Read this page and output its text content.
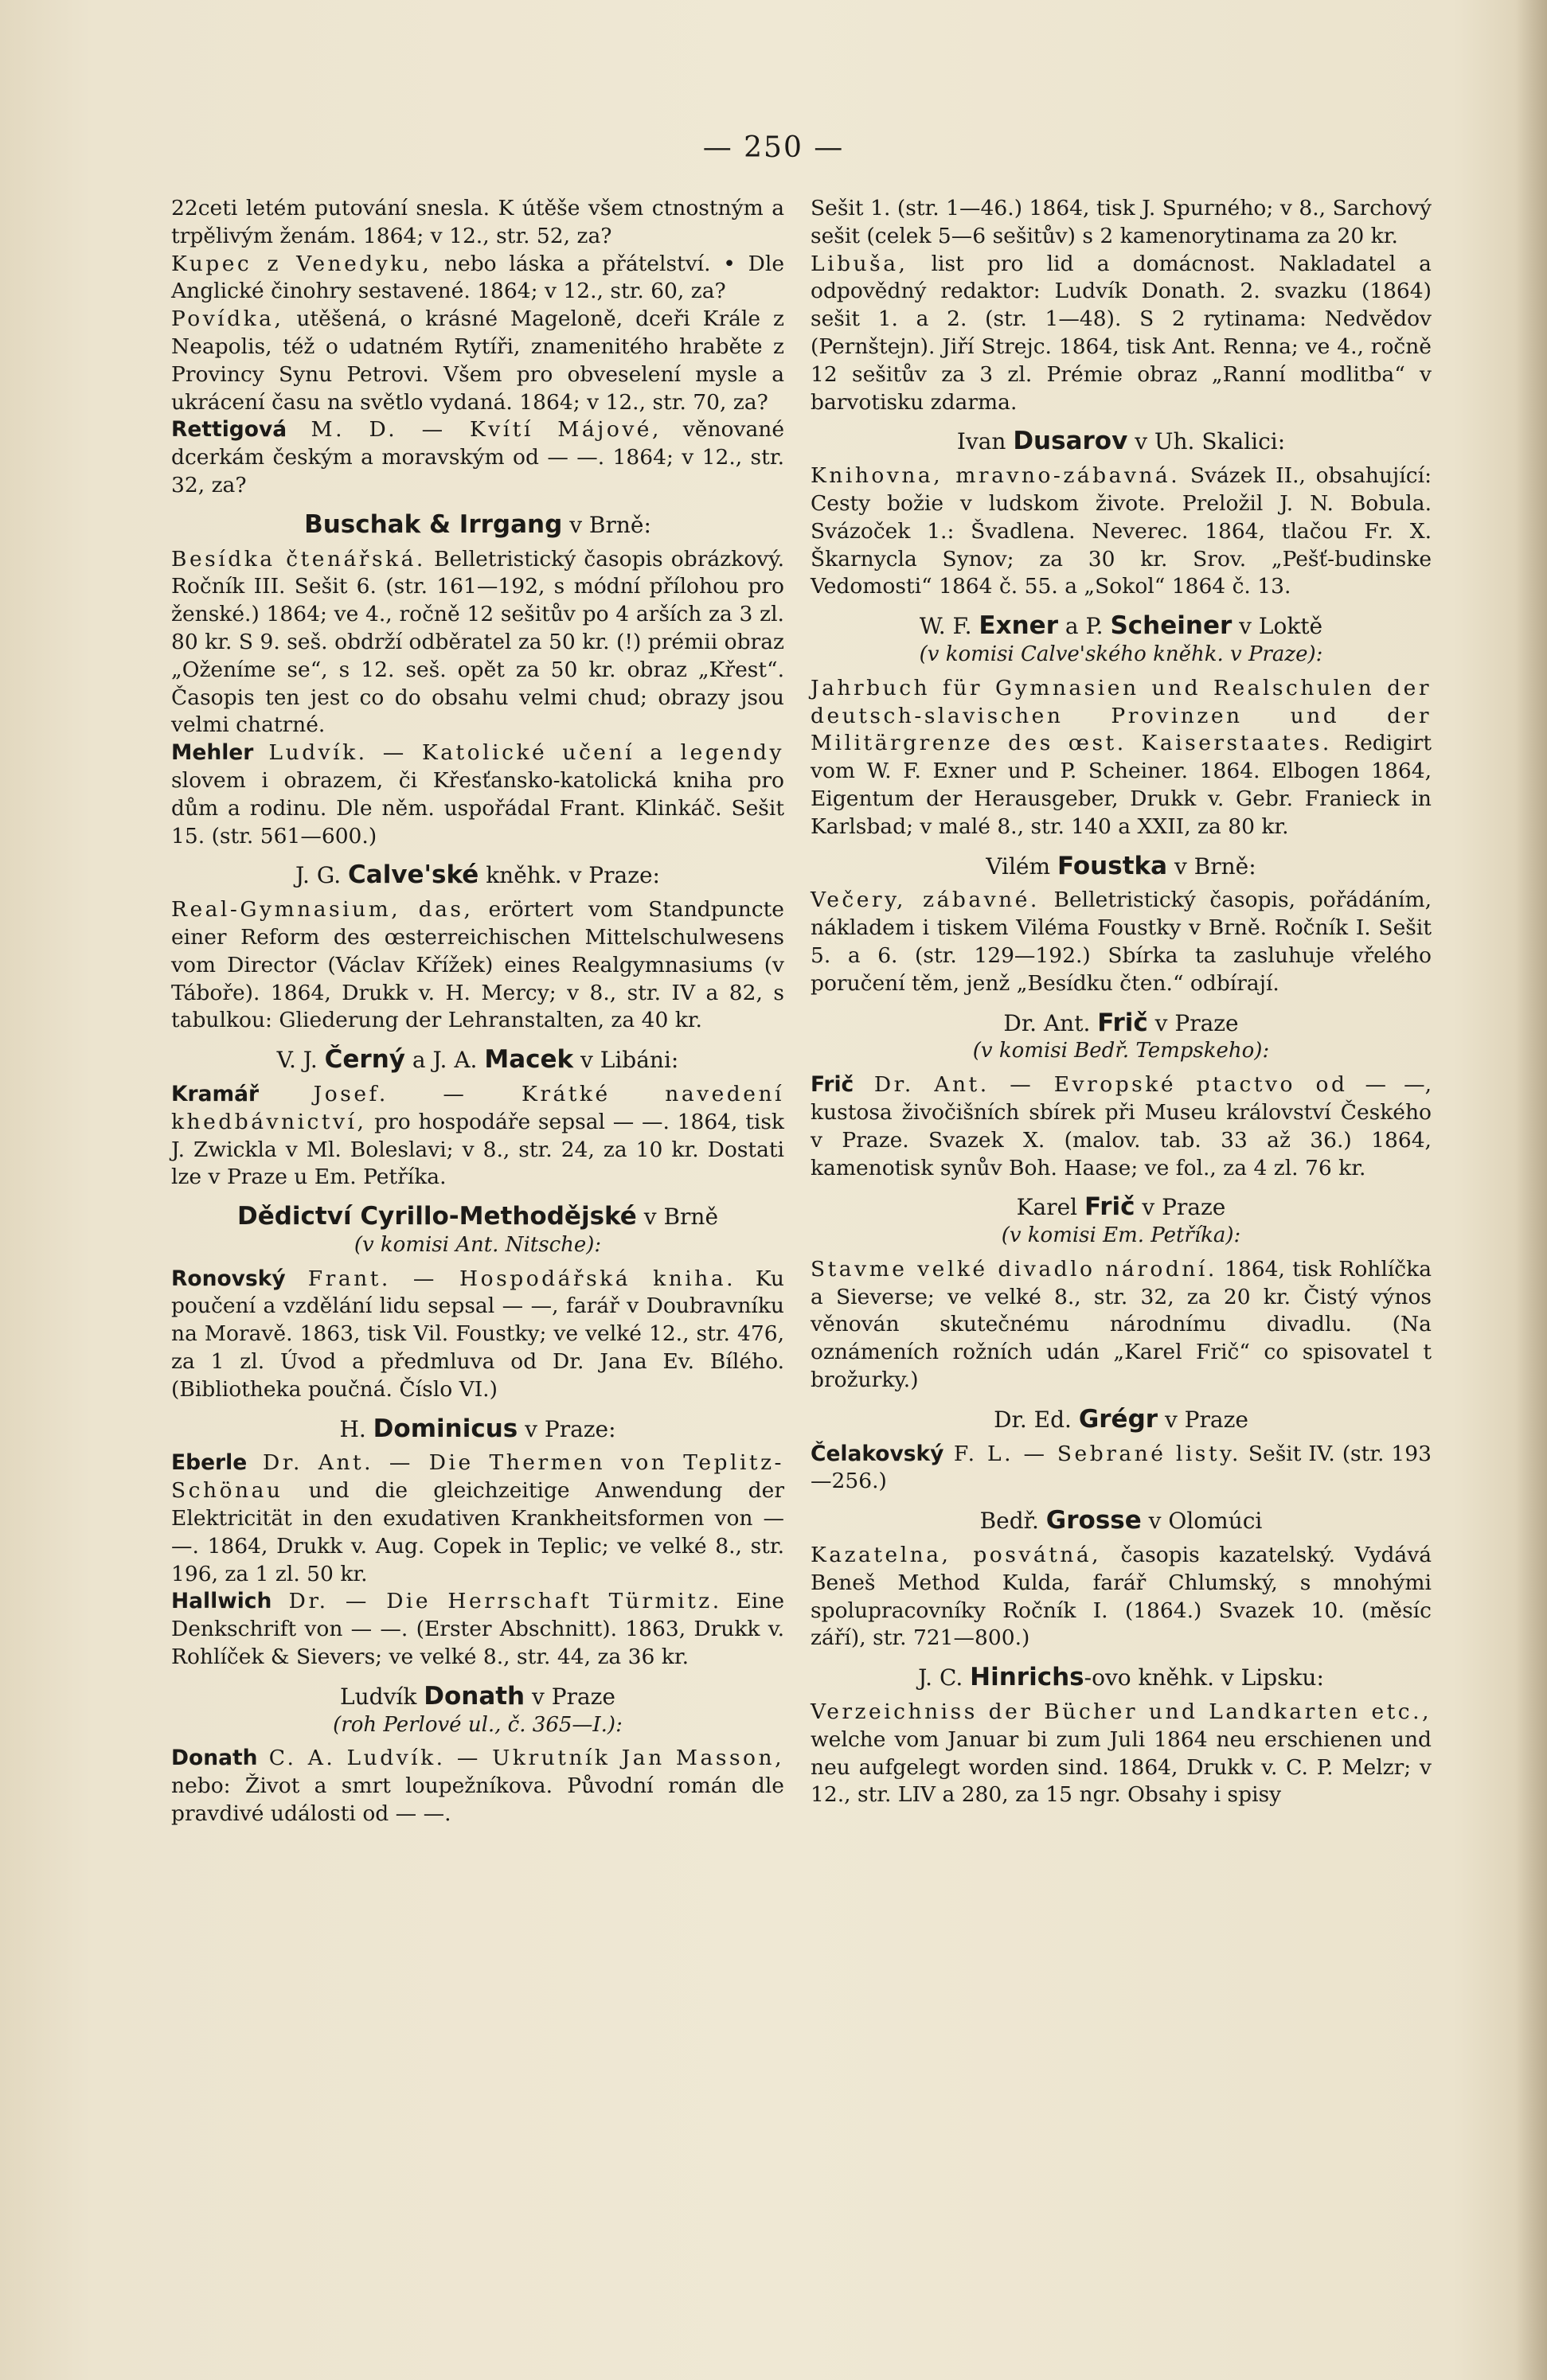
— 250 —
22ceti letém putování snesla. K útěše všem ctnostným a trpělivým ženám. 1864; v 12., str. 52, za?
Kupec z Venedyku, nebo láska a přátelství. • Dle Anglické činohry sestavené. 1864; v 12., str. 60, za?
Povídka, utěšená, o krásné Mageloně, dceři Krále z Neapolis, též o udatném Rytíři, znamenitého hraběte z Provincy Synu Petrovi. Všem pro obveselení mysle a ukrácení času na světlo vydaná. 1864; v 12., str. 70, za?
Rettigová M. D. — Kvítí Májové, věnované dcerkám českým a moravským od — —. 1864; v 12., str. 32, za?
Buschak & Irrgang v Brně:
Besídka čtenářská. Belletristický časopis obrázkový. Ročník III. Sešit 6. (str. 161—192, s módní přílohou pro ženské.) 1864; ve 4., ročně 12 sešitův po 4 arších za 3 zl. 80 kr. S 9. seš. obdrží odběratel za 50 kr. (!) prémii obraz „Oženíme se“, s 12. seš. opět za 50 kr. obraz „Křest“. Časopis ten jest co do obsahu velmi chud; obrazy jsou velmi chatrné.
Mehler Ludvík. — Katolické učení a legendy slovem i obrazem, či Křesťansko-katolická kniha pro dům a rodinu. Dle něm. uspořádal Frant. Klinkáč. Sešit 15. (str. 561—600.)
J. G. Calve'ské kněhk. v Praze:
Real-Gymnasium, das, erörtert vom Standpuncte einer Reform des œsterreichischen Mittelschulwesens vom Director (Václav Křížek) eines Realgymnasiums (v Táboře). 1864, Drukk v. H. Mercy; v 8., str. IV a 82, s tabulkou: Gliederung der Lehranstalten, za 40 kr.
V. J. Černý a J. A. Macek v Libáni:
Kramář Josef. — Krátké navedení khedbávnictví, pro hospodáře sepsal — —. 1864, tisk J. Zwickla v Ml. Boleslavi; v 8., str. 24, za 10 kr. Dostati lze v Praze u Em. Petříka.
Dědictví Cyrillo-Methodějské v Brně
(v komisi Ant. Nitsche):
Ronovský Frant. — Hospodářská kniha. Ku poučení a vzdělání lidu sepsal — —, farář v Doubravníku na Moravě. 1863, tisk Vil. Foustky; ve velké 12., str. 476, za 1 zl. Úvod a předmluva od Dr. Jana Ev. Bílého. (Bibliotheka poučná. Číslo VI.)
H. Dominicus v Praze:
Eberle Dr. Ant. — Die Thermen von Teplitz-Schönau und die gleichzeitige Anwendung der Elektricität in den exudativen Krankheitsformen von — —. 1864, Drukk v. Aug. Copek in Teplic; ve velké 8., str. 196, za 1 zl. 50 kr.
Hallwich Dr. — Die Herrschaft Türmitz. Eine Denkschrift von — —. (Erster Abschnitt). 1863, Drukk v. Rohlíček & Sievers; ve velké 8., str. 44, za 36 kr.
Ludvík Donath v Praze
(roh Perlové ul., č. 365—I.):
Donath C. A. Ludvík. — Ukrutník Jan Masson, nebo: Život a smrt loupežníkova. Původní román dle pravdivé události od — —.
Sešit 1. (str. 1—46.) 1864, tisk J. Spurného; v 8., Sarchový sešit (celek 5—6 sešitův) s 2 kamenorytinama za 20 kr.
Libuša, list pro lid a domácnost. Nakladatel a odpovědný redaktor: Ludvík Donath. 2. svazku (1864) sešit 1. a 2. (str. 1—48). S 2 rytinama: Nedvědov (Pernštejn). Jiří Strejc. 1864, tisk Ant. Renna; ve 4., ročně 12 sešitův za 3 zl. Prémie obraz „Ranní modlitba“ v barvotisku zdarma.
Ivan Dusarov v Uh. Skalici:
Knihovna, mravno-zábavná. Svázek II., obsahující: Cesty božie v ludskom živote. Preložil J. N. Bobula. Svázoček 1.: Švadlena. Neverec. 1864, tlačou Fr. X. Škarnycla Synov; za 30 kr. Srov. „Pešť-budinske Vedomosti“ 1864 č. 55. a „Sokol“ 1864 č. 13.
W. F. Exner a P. Scheiner v Loktě
(v komisi Calve'ského kněhk. v Praze):
Jahrbuch für Gymnasien und Realschulen der deutsch-slavischen Provinzen und der Militärgrenze des œst. Kaiserstaates. Redigirt vom W. F. Exner und P. Scheiner. 1864. Elbogen 1864, Eigentum der Herausgeber, Drukk v. Gebr. Franieck in Karlsbad; v malé 8., str. 140 a XXII, za 80 kr.
Vilém Foustka v Brně:
Večery, zábavné. Belletristický časopis, pořádáním, nákladem i tiskem Viléma Foustky v Brně. Ročník I. Sešit 5. a 6. (str. 129—192.) Sbírka ta zasluhuje vřelého poručení těm, jenž „Besídku čten.“ odbírají.
Dr. Ant. Frič v Praze
(v komisi Bedř. Tempskeho):
Frič Dr. Ant. — Evropské ptactvo od — —, kustosa živočišních sbírek při Museu království Českého v Praze. Svazek X. (malov. tab. 33 až 36.) 1864, kamenotisk synův Boh. Haase; ve fol., za 4 zl. 76 kr.
Karel Frič v Praze
(v komisi Em. Petříka):
Stavme velké divadlo národní. 1864, tisk Rohlíčka a Sieverse; ve velké 8., str. 32, za 20 kr. Čistý výnos věnován skutečnému národnímu divadlu. (Na oznámeních rožních udán „Karel Frič“ co spisovatel t brožurky.)
Dr. Ed. Grégr v Praze
Čelakovský F. L. — Sebrané listy. Sešit IV. (str. 193—256.)
Bedř. Grosse v Olomúci
Kazatelna, posvátná, časopis kazatelský. Vydává Beneš Method Kulda, farář Chlumský, s mnohými spolupracovníky Ročník I. (1864.) Svazek 10. (měsíc září), str. 721—800.)
J. C. Hinrichs-ovo kněhk. v Lipsku:
Verzeichniss der Bücher und Landkarten etc., welche vom Januar bi zum Juli 1864 neu erschienen und neu aufgelegt worden sind. 1864, Drukk v. C. P. Melzr; v 12., str. LIV a 280, za 15 ngr. Obsahy i spisy
